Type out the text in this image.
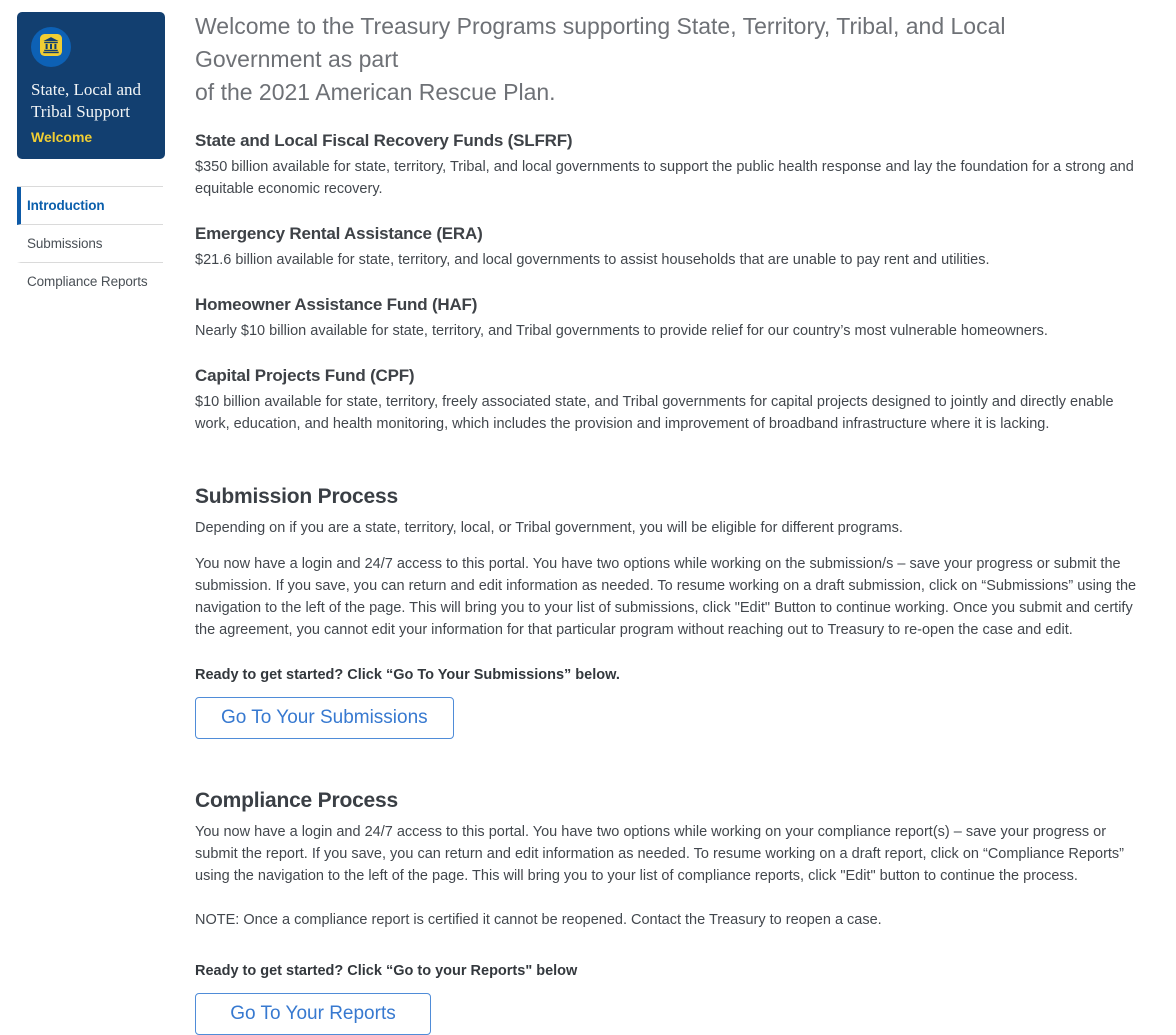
State, Local and Tribal Support
Welcome
Introduction
Submissions
Compliance Reports
Welcome to the Treasury Programs supporting State, Territory, Tribal, and Local Government as part
of the 2021 American Rescue Plan.
State and Local Fiscal Recovery Funds (SLFRF)

$350 billion available for state, territory, Tribal, and local governments to support the public health response and lay the foundation for a strong and equitable economic recovery.

Emergency Rental Assistance (ERA)

$21.6 billion available for state, territory, and local governments to assist households that are unable to pay rent and utilities.

Homeowner Assistance Fund (HAF)

Nearly $10 billion available for state, territory, and Tribal governments to provide relief for our country’s most vulnerable homeowners.

Capital Projects Fund (CPF)

$10 billion available for state, territory, freely associated state, and Tribal governments for capital projects designed to jointly and directly enable work, education, and health monitoring, which includes the provision and improvement of broadband infrastructure where it is lacking.

Submission Process

Depending on if you are a state, territory, local, or Tribal government, you will be eligible for different programs.

You now have a login and 24/7 access to this portal. You have two options while working on the submission/s – save your progress or submit the submission. If you save, you can return and edit information as needed. To resume working on a draft submission, click on “Submissions” using the navigation to the left of the page. This will bring you to your list of submissions, click "Edit" Button to continue working. Once you submit and certify the agreement, you cannot edit your information for that particular program without reaching out to Treasury to re-open the case and edit.

Ready to get started? Click “Go To Your Submissions” below.
Go To Your Submissions
Compliance Process

You now have a login and 24/7 access to this portal. You have two options while working on your compliance report(s) – save your progress or submit the report. If you save, you can return and edit information as needed. To resume working on a draft report, click on “Compliance Reports” using the navigation to the left of the page. This will bring you to your list of compliance reports, click "Edit" button to continue the process.

NOTE: Once a compliance report is certified it cannot be reopened. Contact the Treasury to reopen a case.

Ready to get started? Click “Go to your Reports" below
Go To Your Reports
